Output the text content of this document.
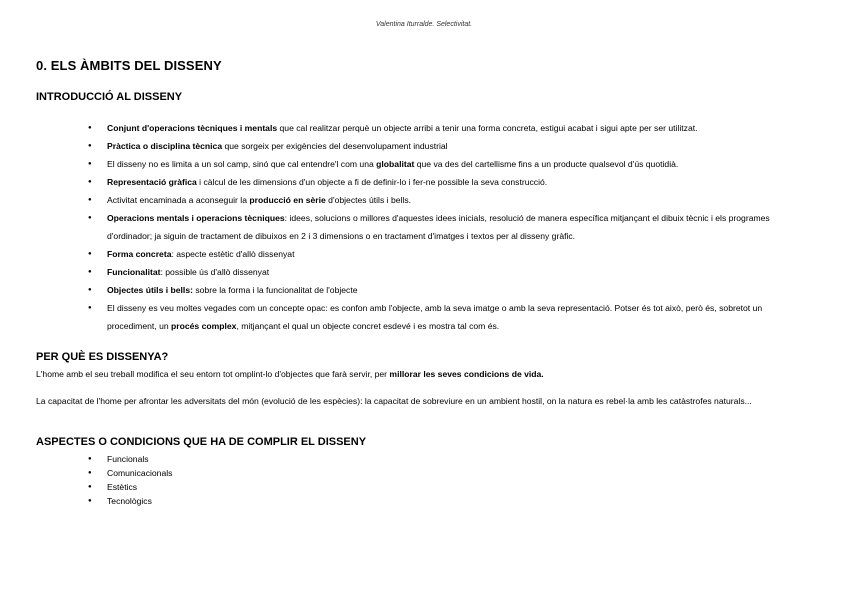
Valentina Iturralde. Selectivitat.
0. ELS ÀMBITS DEL DISSENY
INTRODUCCIÓ AL DISSENY
● Conjunt d'operacions tècniques i mentals que cal realitzar perquè un objecte arribi a tenir una forma concreta, estigui acabat i sigui apte per ser utilitzat.
● Pràctica o disciplina tècnica que sorgeix per exigències del desenvolupament industrial
● El disseny no es limita a un sol camp, sinó que cal entendre'l com una globalitat que va des del cartellisme fins a un producte qualsevol d'ús quotidià.
● Representació gràfica i càlcul de les dimensions d'un objecte a fi de definir-lo i fer-ne possible la seva construcció.
● Activitat encaminada a aconseguir la producció en sèrie d'objectes útils i bells.
● Operacions mentals i operacions tècniques: idees, solucions o millores d'aquestes idees inicials, resolució de manera específica mitjançant el dibuix tècnic i els programes d'ordinador; ja siguin de tractament de dibuixos en 2 i 3 dimensions o en tractament d'imatges i textos per al disseny gràfic.
● Forma concreta: aspecte estètic d'allò dissenyat
● Funcionalitat: possible ús d'allò dissenyat
● Objectes útils i bells: sobre la forma i la funcionalitat de l'objecte
● El disseny es veu moltes vegades com un concepte opac: es confon amb l'objecte, amb la seva imatge o amb la seva representació. Potser és tot això, però és, sobretot un procediment, un procés complex, mitjançant el qual un objecte concret esdevé i es mostra tal com és.
PER QUÈ ES DISSENYA?

L'home amb el seu treball modifica el seu entorn tot omplint-lo d'objectes que farà servir, per millorar les seves condicions de vida.

La capacitat de l'home per afrontar les adversitats del món (evolució de les espècies): la capacitat de sobreviure en un ambient hostil, on la natura es rebel·la amb les catàstrofes naturals...

ASPECTES O CONDICIONS QUE HA DE COMPLIR EL DISSENY
● Funcionals
● Comunicacionals
● Estètics
● Tecnològics
